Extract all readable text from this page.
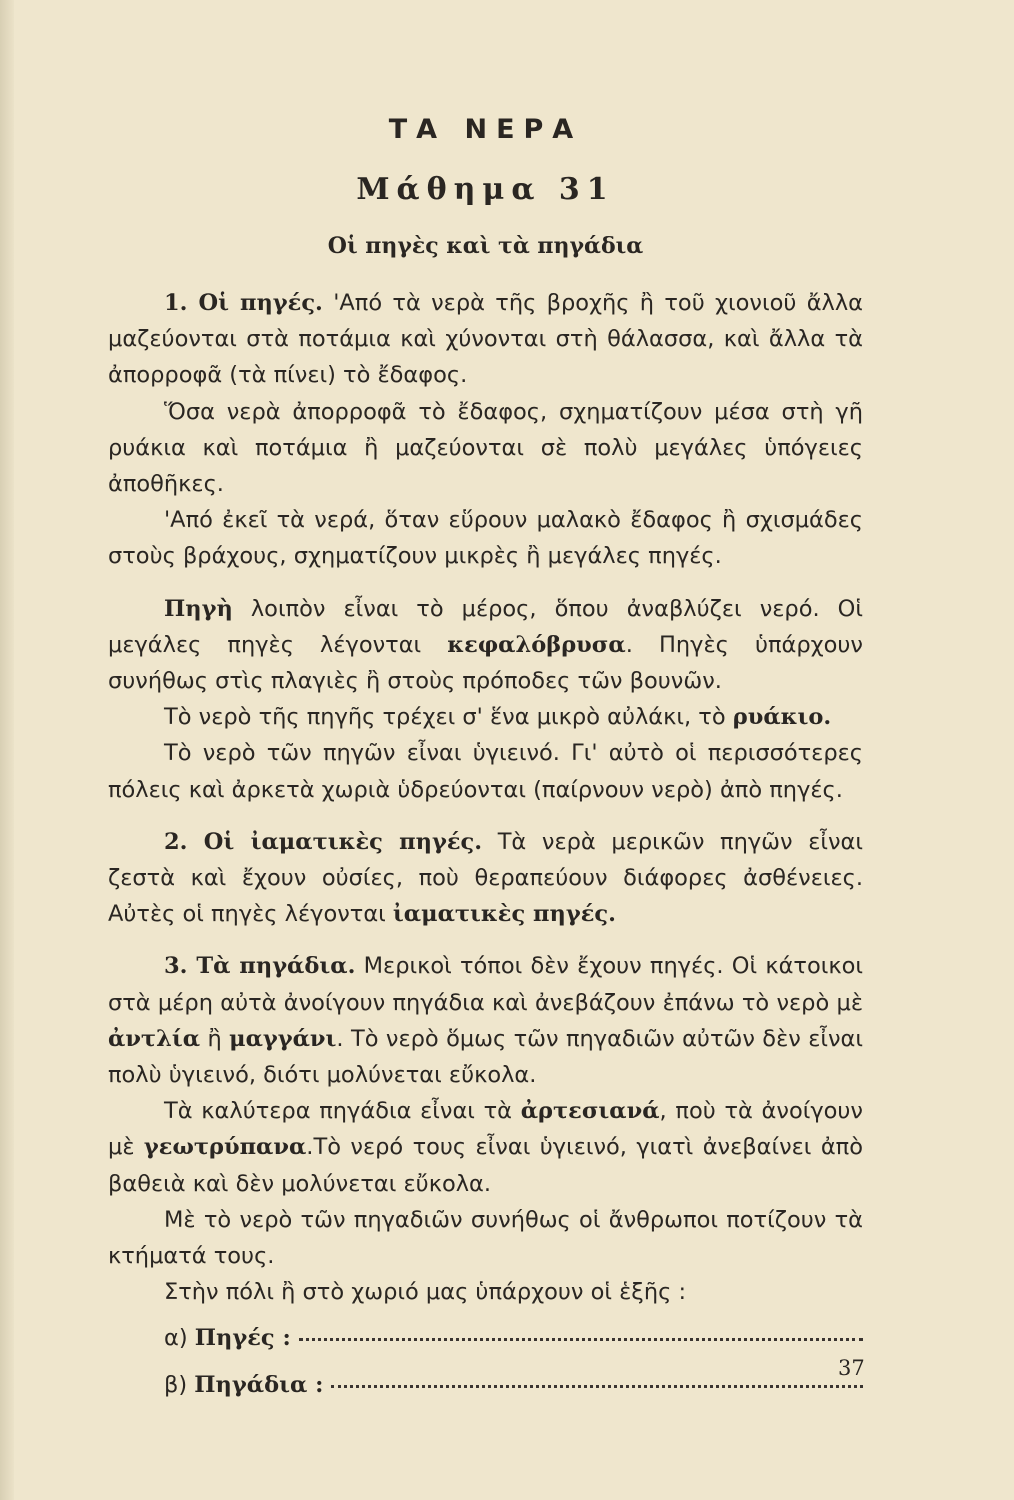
ΤΑ ΝΕΡΑ
Μάθημα 31
Οἱ πηγὲς καὶ τὰ πηγάδια

1. Οἱ πηγές. 'Από τὰ νερὰ τῆς βροχῆς ἢ τοῦ χιονιοῦ ἄλλα μαζεύονται στὰ ποτάμια καὶ χύνονται στὴ θάλασσα, καὶ ἄλλα τὰ ἀπορροφᾶ (τὰ πίνει) τὸ ἔδαφος.

Ὅσα νερὰ ἀπορροφᾶ τὸ ἔδαφος, σχηματίζουν μέσα στὴ γῆ ρυάκια καὶ ποτάμια ἢ μαζεύονται σὲ πολὺ μεγάλες ὑπόγειες ἀποθῆκες.

'Από ἐκεῖ τὰ νερά, ὅταν εὕρουν μαλακὸ ἔδαφος ἢ σχισμάδες στοὺς βράχους, σχηματίζουν μικρὲς ἢ μεγάλες πηγές.

Πηγὴ λοιπὸν εἶναι τὸ μέρος, ὅπου ἀναβλύζει νερό. Οἱ μεγάλες πηγὲς λέγονται κεφαλόβρυσα. Πηγὲς ὑπάρχουν συνήθως στὶς πλαγιὲς ἢ στοὺς πρόποδες τῶν βουνῶν.

Τὸ νερὸ τῆς πηγῆς τρέχει σ' ἕνα μικρὸ αὐλάκι, τὸ ρυάκιο.

Τὸ νερὸ τῶν πηγῶν εἶναι ὑγιεινό. Γι' αὐτὸ οἱ περισσότερες πόλεις καὶ ἀρκετὰ χωριὰ ὑδρεύονται (παίρνουν νερὸ) ἀπὸ πηγές.

2. Οἱ ἰαματικὲς πηγές. Τὰ νερὰ μερικῶν πηγῶν εἶναι ζεστὰ καὶ ἔχουν οὐσίες, ποὺ θεραπεύουν διάφορες ἀσθένειες. Αὐτὲς οἱ πηγὲς λέγονται ἰαματικὲς πηγές.

3. Τὰ πηγάδια. Μερικοὶ τόποι δὲν ἔχουν πηγές. Οἱ κάτοικοι στὰ μέρη αὐτὰ ἀνοίγουν πηγάδια καὶ ἀνεβάζουν ἐπάνω τὸ νερὸ μὲ ἀντλία ἢ μαγγάνι. Τὸ νερὸ ὅμως τῶν πηγαδιῶν αὐτῶν δὲν εἶναι πολὺ ὑγιεινό, διότι μολύνεται εὔκολα.

Τὰ καλύτερα πηγάδια εἶναι τὰ ἀρτεσιανά, ποὺ τὰ ἀνοίγουν μὲ γεωτρύπανα.Τὸ νερό τους εἶναι ὑγιεινό, γιατὶ ἀνεβαίνει ἀπὸ βαθειὰ καὶ δὲν μολύνεται εὔκολα.

Μὲ τὸ νερὸ τῶν πηγαδιῶν συνήθως οἱ ἄνθρωποι ποτίζουν τὰ κτήματά τους.

Στὴν πόλι ἢ στὸ χωριό μας ὑπάρχουν οἱ ἑξῆς :

α)
Πηγές :
β)
Πηγάδια :
37
